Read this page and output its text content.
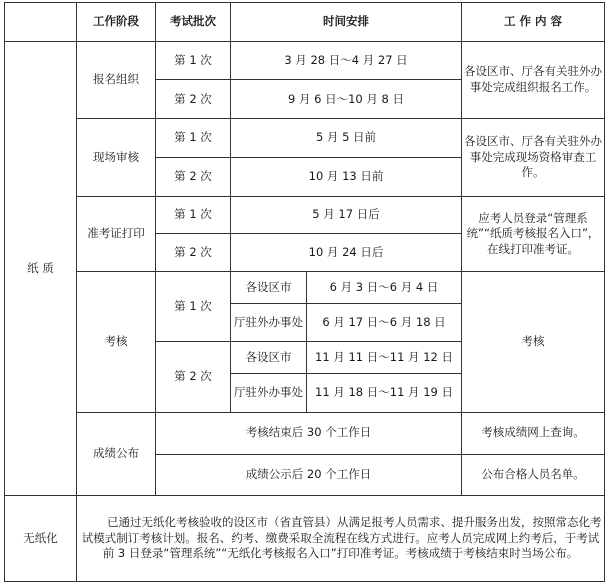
	工作阶段	考试批次	时间安排		工 作 内 容
纸 质	报名组织	第 1 次	3 月 28 日～4 月 27 日		各设区市、厅各有关驻外办事处完成组织报名工作。
		第 2 次	9 月 6 日～10 月 8 日		
	现场审核	第 1 次	5 月 5 日前		各设区市、厅各有关驻外办事处完成现场资格审查工作。
		第 2 次	10 月 13 日前		
	准考证打印	第 1 次	5 月 17 日后		应考人员登录“管理系统”“纸质考核报名入口”，在线打印准考证。
		第 2 次	10 月 24 日后		
	考核	第 1 次	各设区市	6 月 3 日～6 月 4 日	考核
			厅驻外办事处	6 月 17 日～6 月 18 日	
		第 2 次	各设区市	11 月 11 日～11 月 12 日	
			厅驻外办事处	11 月 18 日～11 月 19 日	
	成绩公布	考核结束后 30 个工作日			考核成绩网上查询。
		成绩公示后 20 个工作日			公布合格人员名单。
无纸化	已通过无纸化考核验收的设区市（省直管县）从满足报考人员需求、提升服务出发，按照常态化考试模式制订考核计划。报名、约考、缴费采取全流程在线方式进行。应考人员完成网上约考后，于考试前 3 日登录“管理系统”“无纸化考核报名入口”打印准考证。考核成绩于考核结束时当场公布。				
